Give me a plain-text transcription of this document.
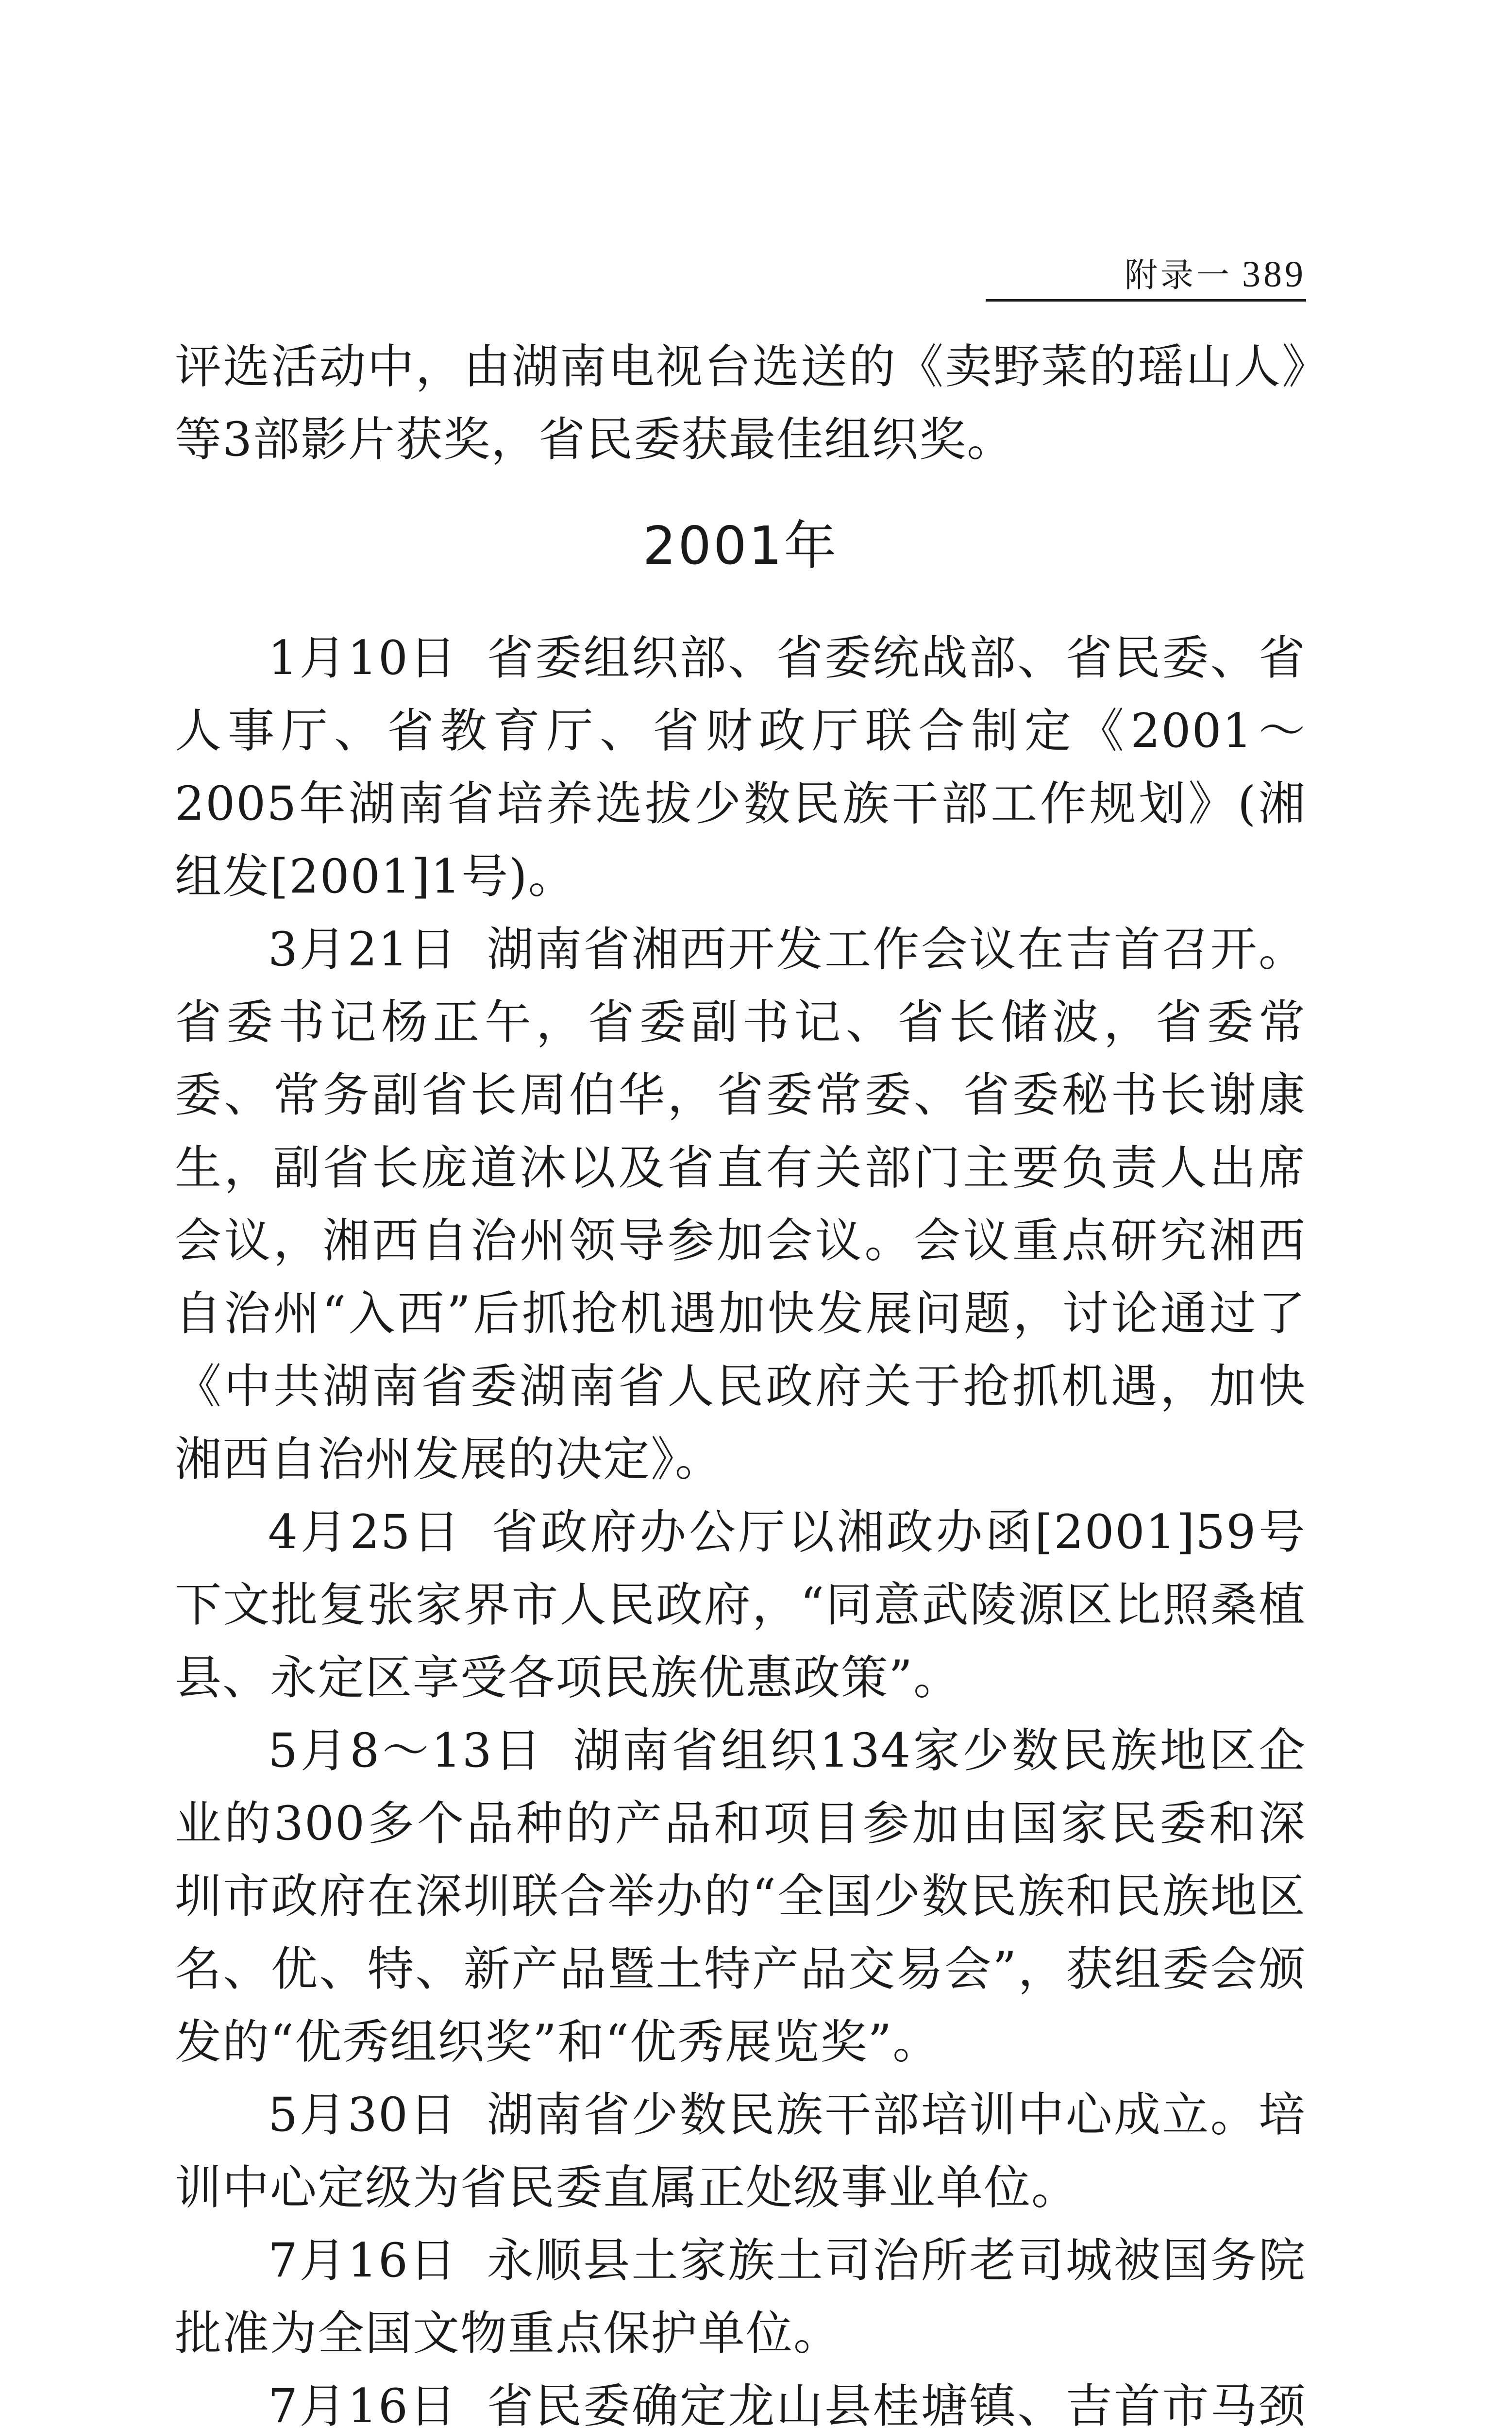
附录一 389

评选活动中，由湖南电视台选送的《卖野菜的瑶山人》等3部影片获奖，省民委获最佳组织奖。

2001年

1月10日 省委组织部、省委统战部、省民委、省人事厅、省教育厅、省财政厅联合制定《2001～2005年湖南省培养选拔少数民族干部工作规划》(湘组发[2001]1号)。

3月21日 湖南省湘西开发工作会议在吉首召开。省委书记杨正午，省委副书记、省长储波，省委常委、常务副省长周伯华，省委常委、省委秘书长谢康生，副省长庞道沐以及省直有关部门主要负责人出席会议，湘西自治州领导参加会议。会议重点研究湘西自治州“入西”后抓抢机遇加快发展问题，讨论通过了《中共湖南省委湖南省人民政府关于抢抓机遇，加快湘西自治州发展的决定》。

4月25日 省政府办公厅以湘政办函[2001]59号下文批复张家界市人民政府，“同意武陵源区比照桑植县、永定区享受各项民族优惠政策”。

5月8～13日 湖南省组织134家少数民族地区企业的300多个品种的产品和项目参加由国家民委和深圳市政府在深圳联合举办的“全国少数民族和民族地区名、优、特、新产品暨土特产品交易会”，获组委会颁发的“优秀组织奖”和“优秀展览奖”。

5月30日 湖南省少数民族干部培训中心成立。培训中心定级为省民委直属正处级事业单位。

7月16日 永顺县土家族土司治所老司城被国务院批准为全国文物重点保护单位。

7月16日 省民委确定龙山县桂塘镇、吉首市马颈
